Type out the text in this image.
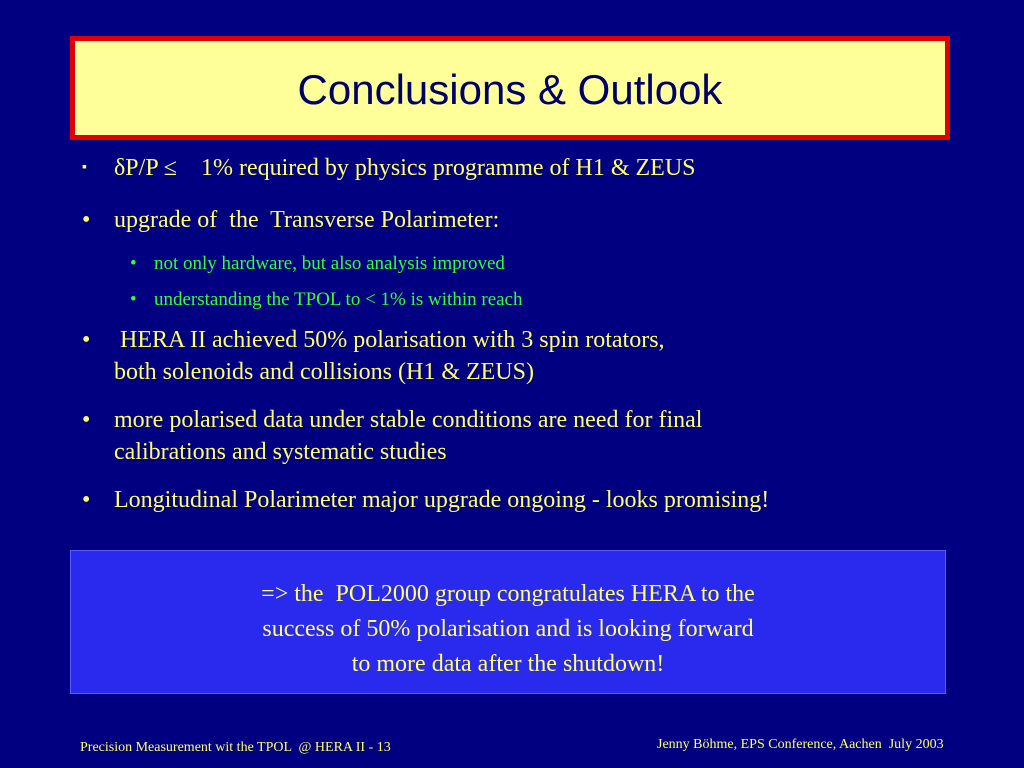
Conclusions & Outlook
▪	δP/P ≤    1% required by physics programme of H1 & ZEUS
• upgrade of  the  Transverse Polarimeter:
• not only hardware, but also analysis improved
• understanding the TPOL to < 1% is within reach
• HERA II achieved 50% polarisation with 3 spin rotators,
both solenoids and collisions (H1 & ZEUS)
• more polarised data under stable conditions are need for final
calibrations and systematic studies
• Longitudinal Polarimeter major upgrade ongoing - looks promising!
=> the  POL2000 group congratulates HERA to the
success of 50% polarisation and is looking forward
to more data after the shutdown!
Precision Measurement wit the TPOL  @ HERA II - 13	Jenny Böhme, EPS Conference, Aachen  July 2003
